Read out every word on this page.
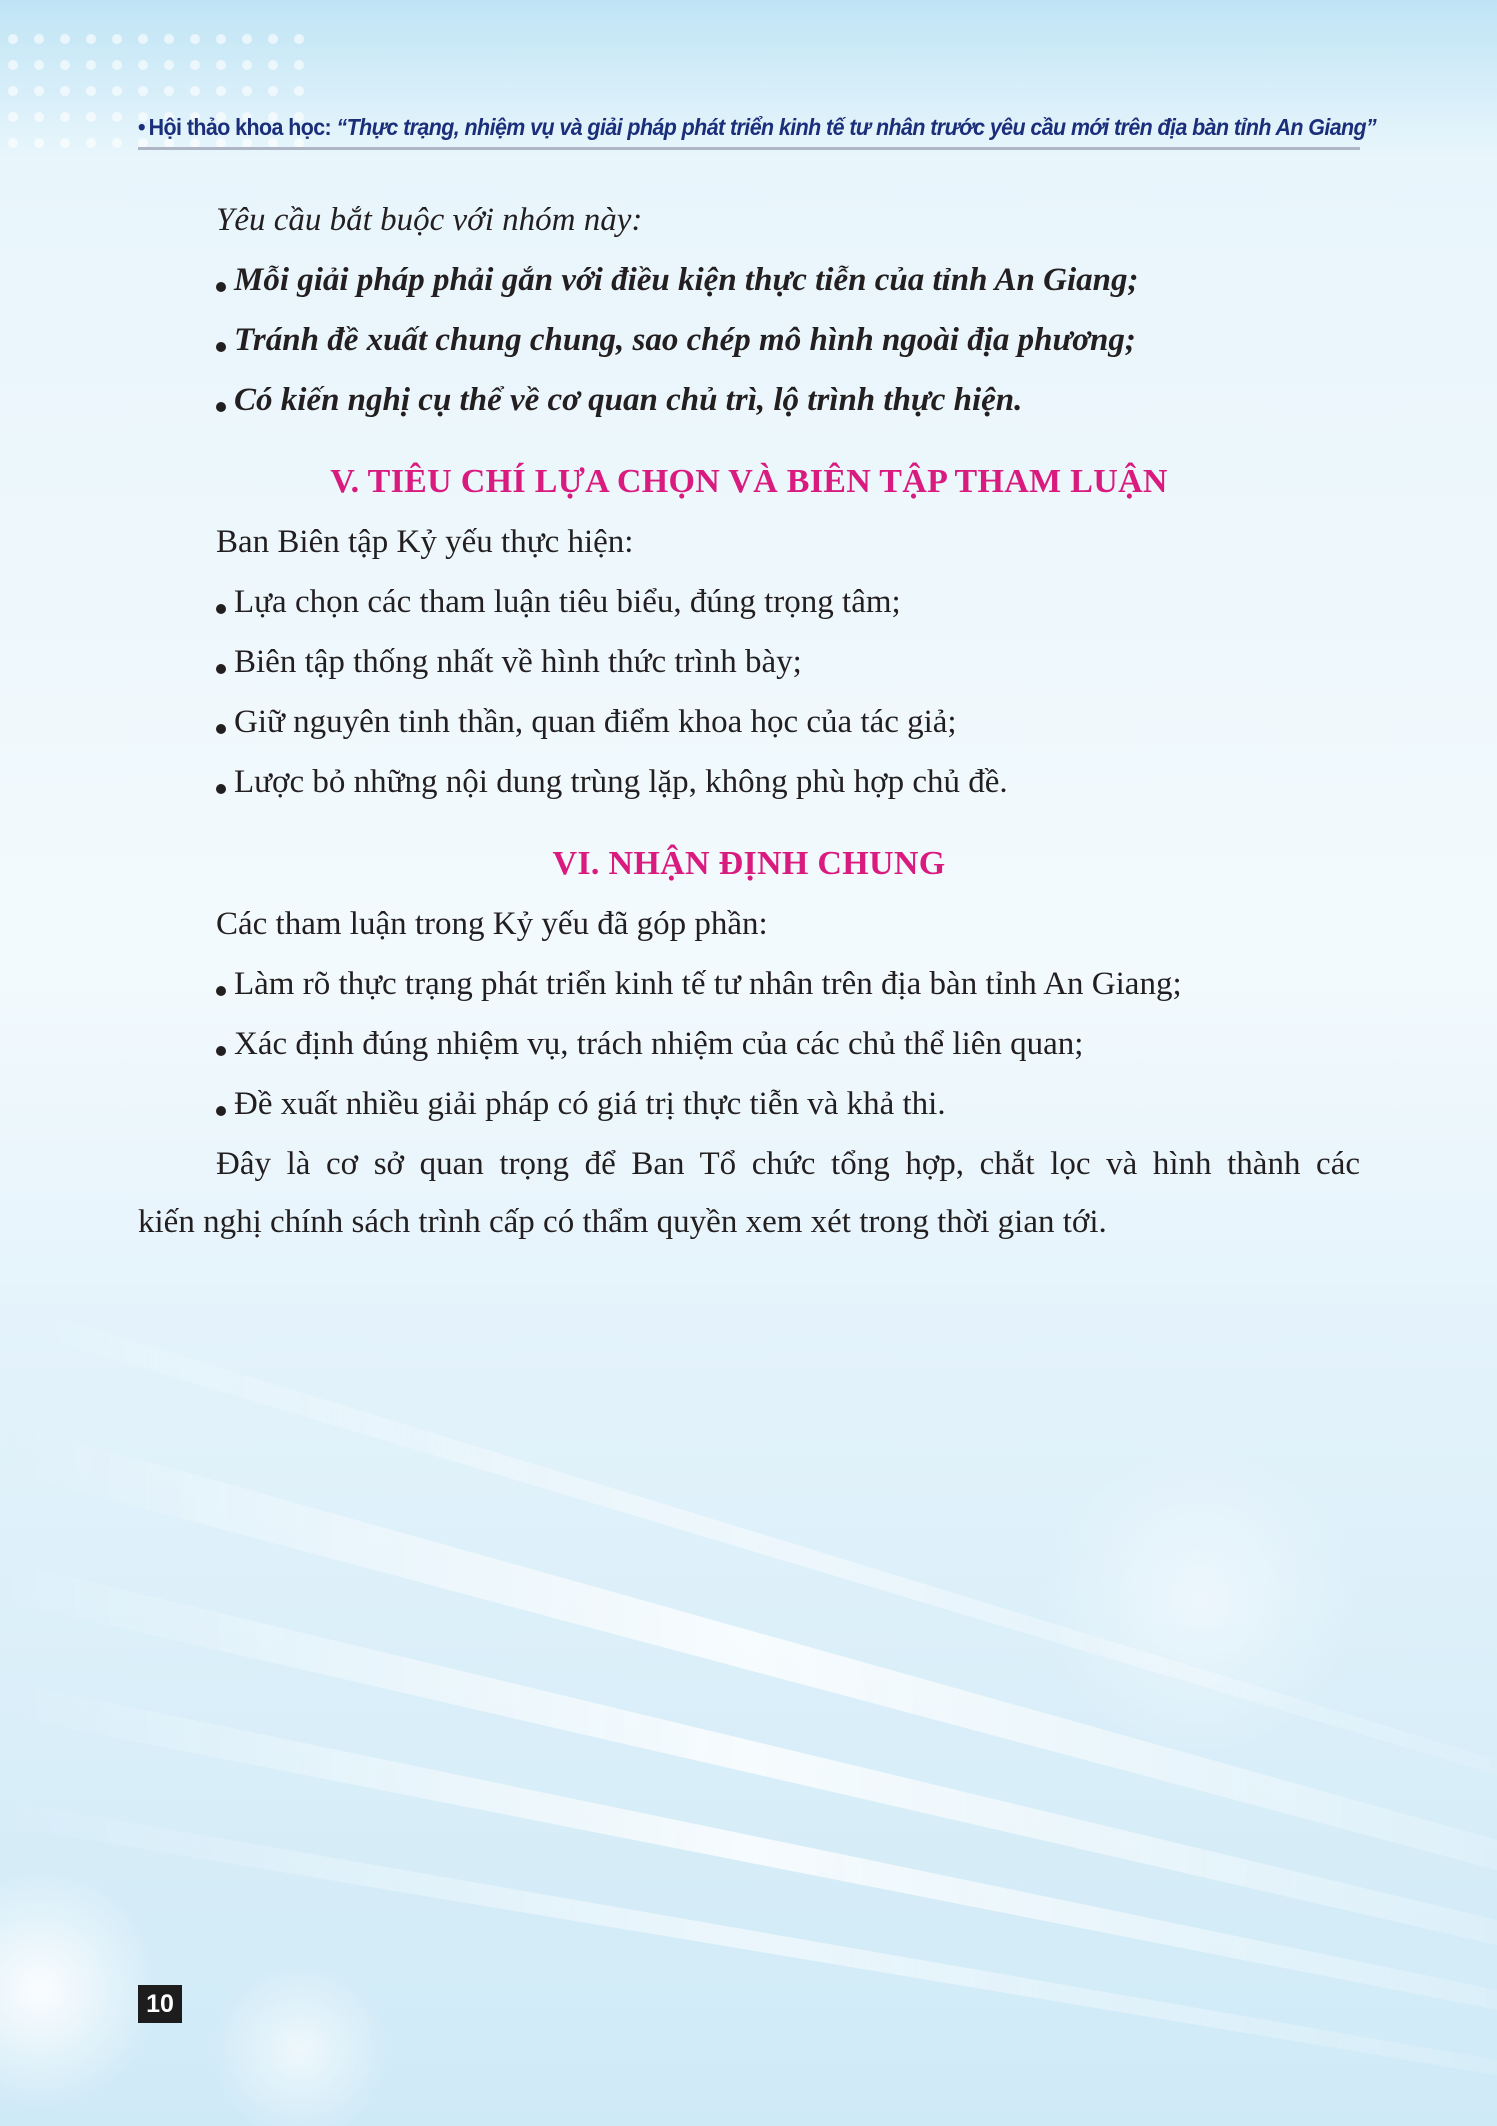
• Hội thảo khoa học: “Thực trạng, nhiệm vụ và giải pháp phát triển kinh tế tư nhân trước yêu cầu mới trên địa bàn tỉnh An Giang”
Yêu cầu bắt buộc với nhóm này:
Mỗi giải pháp phải gắn với điều kiện thực tiễn của tỉnh An Giang;
Tránh đề xuất chung chung, sao chép mô hình ngoài địa phương;
Có kiến nghị cụ thể về cơ quan chủ trì, lộ trình thực hiện.
V. TIÊU CHÍ LỰA CHỌN VÀ BIÊN TẬP THAM LUẬN
Ban Biên tập Kỷ yếu thực hiện:
Lựa chọn các tham luận tiêu biểu, đúng trọng tâm;
Biên tập thống nhất về hình thức trình bày;
Giữ nguyên tinh thần, quan điểm khoa học của tác giả;
Lược bỏ những nội dung trùng lặp, không phù hợp chủ đề.
VI. NHẬN ĐỊNH CHUNG
Các tham luận trong Kỷ yếu đã góp phần:
Làm rõ thực trạng phát triển kinh tế tư nhân trên địa bàn tỉnh An Giang;
Xác định đúng nhiệm vụ, trách nhiệm của các chủ thể liên quan;
Đề xuất nhiều giải pháp có giá trị thực tiễn và khả thi.
Đây là cơ sở quan trọng để Ban Tổ chức tổng hợp, chắt lọc và hình thành các
kiến nghị chính sách trình cấp có thẩm quyền xem xét trong thời gian tới.
10
